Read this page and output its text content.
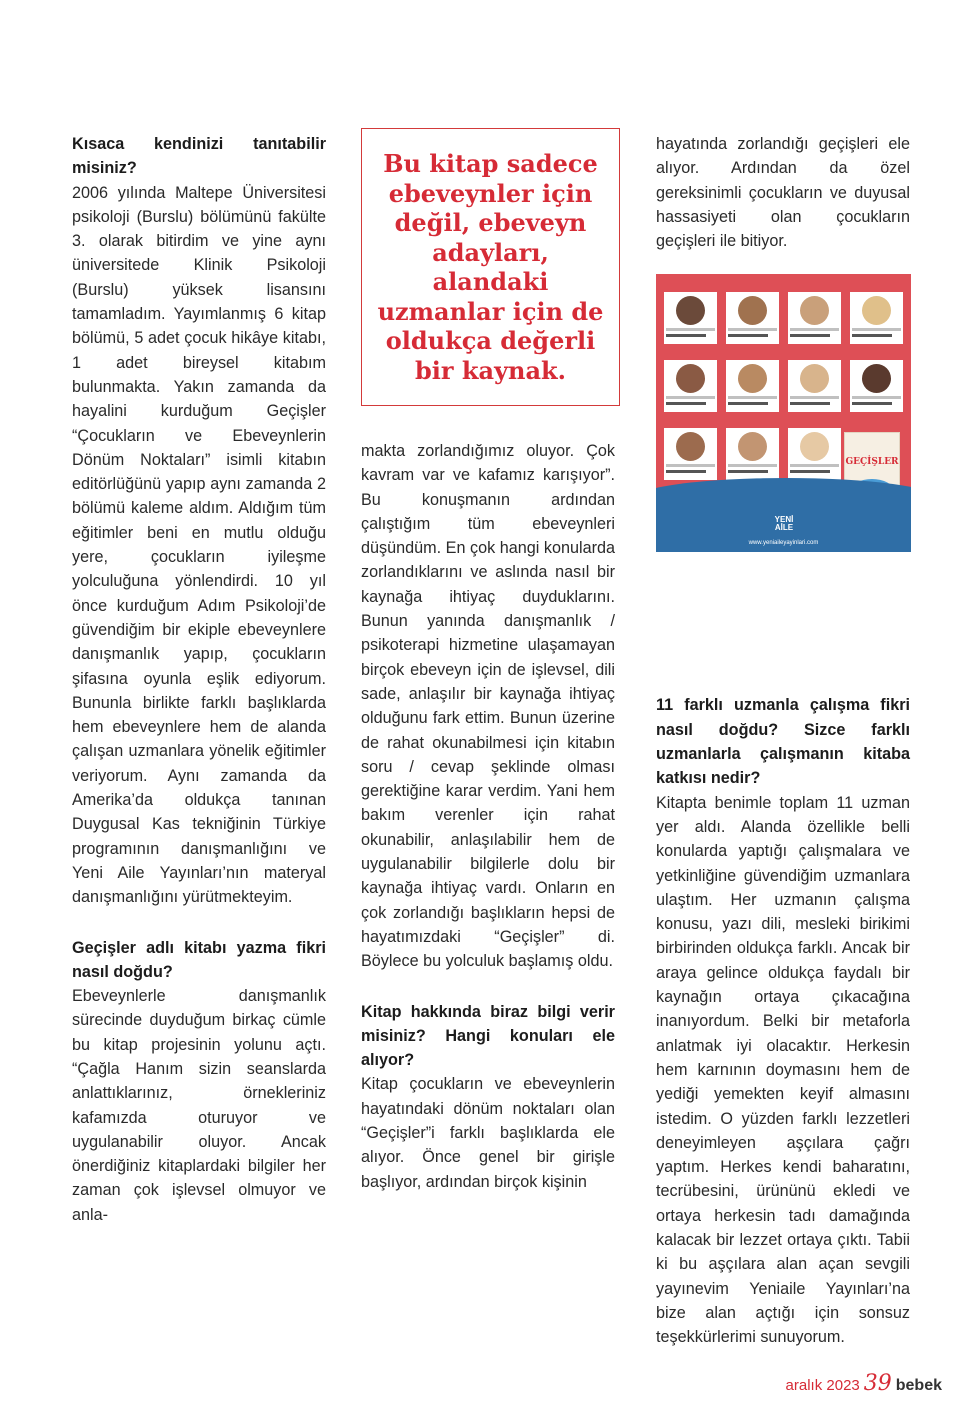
Kısaca kendinizi tanıtabilir misiniz?

2006 yılında Maltepe Üniversitesi psikoloji (Burslu) bölümünü fakülte 3. olarak bitirdim ve yine aynı üniversitede Klinik Psikoloji (Burslu) yüksek lisansını tamamladım. Yayımlanmış 6 kitap bölümü, 5 adet çocuk hikâye kitabı, 1 adet bireysel kitabım bulunmakta. Yakın zamanda da hayalini kurduğum Geçişler “Çocukların ve Ebeveynlerin Dönüm Noktaları” isimli kitabın editörlüğünü yapıp aynı zamanda 2 bölümü kaleme aldım. Aldığım tüm eğitimler beni en mutlu olduğu yere, çocukların iyileşme yolculuğuna yönlendirdi. 10 yıl önce kurduğum Adım Psikoloji’de güvendiğim bir ekiple ebeveynlere danışmanlık yapıp, çocukların şifasına oyunla eşlik ediyorum. Bununla birlikte farklı başlıklarda hem ebeveynlere hem de alanda çalışan uzmanlara yönelik eğitimler veriyorum. Aynı zamanda da Amerika’da oldukça tanınan Duygusal Kas tekniğinin Türkiye programının danışmanlığını ve Yeni Aile Yayınları’nın materyal danışmanlığını yürütmekteyim.

Geçişler adlı kitabı yazma fikri nasıl doğdu?

Ebeveynlerle danışmanlık sürecinde duyduğum birkaç cümle bu kitap projesinin yolunu açtı. “Çağla Hanım sizin seanslarda anlattıklarınız, örnekleriniz kafamızda oturuyor ve uygulanabilir oluyor. Ancak önerdiğiniz kitaplardaki bilgiler her zaman çok işlevsel olmuyor ve anla-

Bu kitap sadece ebeveynler için değil, ebeveyn adayları, alandaki uzmanlar için de oldukça değerli bir kaynak.

makta zorlandığımız oluyor. Çok kavram var ve kafamız karışıyor”. Bu konuşmanın ardından çalıştığım tüm ebeveynleri düşündüm. En çok hangi konularda zorlandıklarını ve aslında nasıl bir kaynağa ihtiyaç duyduklarını. Bunun yanında danışmanlık / psikoterapi hizmetine ulaşamayan birçok ebeveyn için de işlevsel, dili sade, anlaşılır bir kaynağa ihtiyaç olduğunu fark ettim. Bunun üzerine de rahat okunabilmesi için kitabın soru / cevap şeklinde olması gerektiğine karar verdim. Yani hem bakım verenler için rahat okunabilir, anlaşılabilir hem de uygulanabilir bilgilerle dolu bir kaynağa ihtiyaç vardı. Onların en çok zorlandığı başlıkların hepsi de hayatımızdaki “Geçişler” di. Böylece bu yolculuk başlamış oldu.

Kitap hakkında biraz bilgi verir misiniz? Hangi konuları ele alıyor?

Kitap çocukların ve ebeveynlerin hayatındaki dönüm noktaları olan “Geçişler”i farklı başlıklarda ele alıyor. Önce genel bir girişle başlıyor, ardından birçok kişinin

hayatında zorlandığı geçişleri ele alıyor. Ardından da özel gereksinimli çocukların ve duyusal hassasiyeti olan çocukların geçişleri ile bitiyor.

11 farklı uzmanla çalışma fikri nasıl doğdu? Sizce farklı uzmanlarla çalışmanın kitaba katkısı nedir?

Kitapta benimle toplam 11 uzman yer aldı. Alanda özellikle belli konularda yaptığı çalışmalara ve yetkinliğine güvendiğim uzmanlara ulaştım. Her uzmanın çalışma konusu, yazı dili, mesleki birikimi birbirinden oldukça farklı. Ancak bir araya gelince oldukça faydalı bir kaynağın ortaya çıkacağına inanıyordum. Belki bir metaforla anlatmak iyi olacaktır. Herkesin hem karnının doymasını hem de yediği yemekten keyif almasını istedim. O yüzden farklı lezzetleri deneyimleyen aşçılara çağrı yaptım. Herkes kendi baharatını, tecrübesini, ürününü ekledi ve ortaya herkesin tadı damağında kalacak bir lezzet ortaya çıktı. Tabii ki bu aşçılara alan açan sevgili yayınevim Yeniaile Yayınları’na bize alan açtığı için sonsuz teşekkürlerimi sunuyorum.

GEÇİŞLER
YENİ
AİLE
www.yeniaileyayinlari.com
aralık 2023 39 bebek
